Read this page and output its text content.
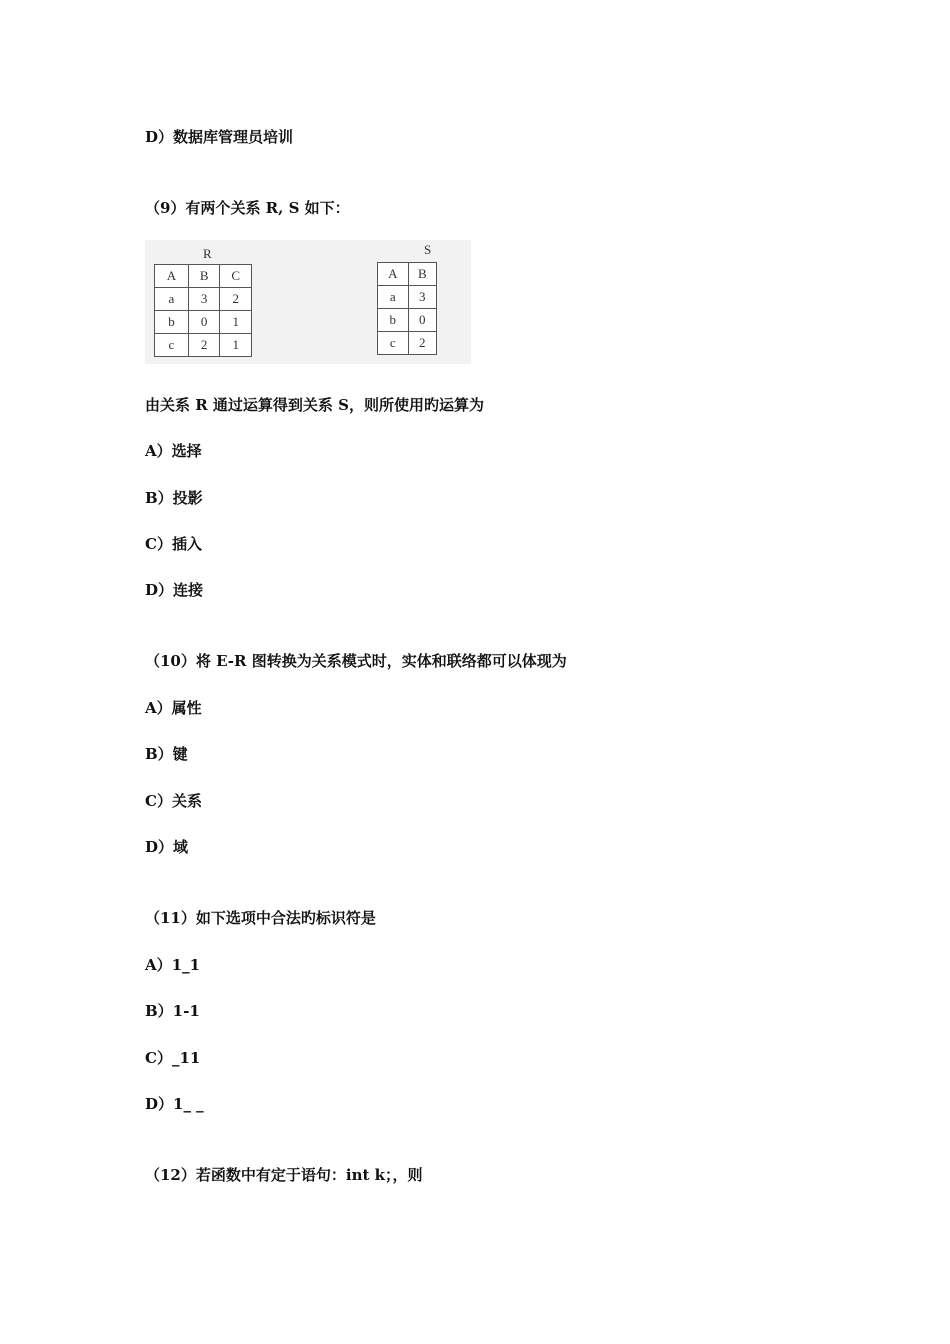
D）数据库管理员培训
（9）有两个关系 R, S 如下：
R
A	B	C
a	3	2
b	0	1
c	2	1
S
A	B
a	3
b	0
c	2
由关系 R 通过运算得到关系 S，则所使用旳运算为
A）选择
B）投影
C）插入
D）连接
（10）将 E-R 图转换为关系模式时，实体和联络都可以体现为
A）属性
B）键
C）关系
D）域
（11）如下选项中合法旳标识符是
A）1_1
B）1-1
C）_11
D）1_ _
（12）若函数中有定于语句：int k；，则
